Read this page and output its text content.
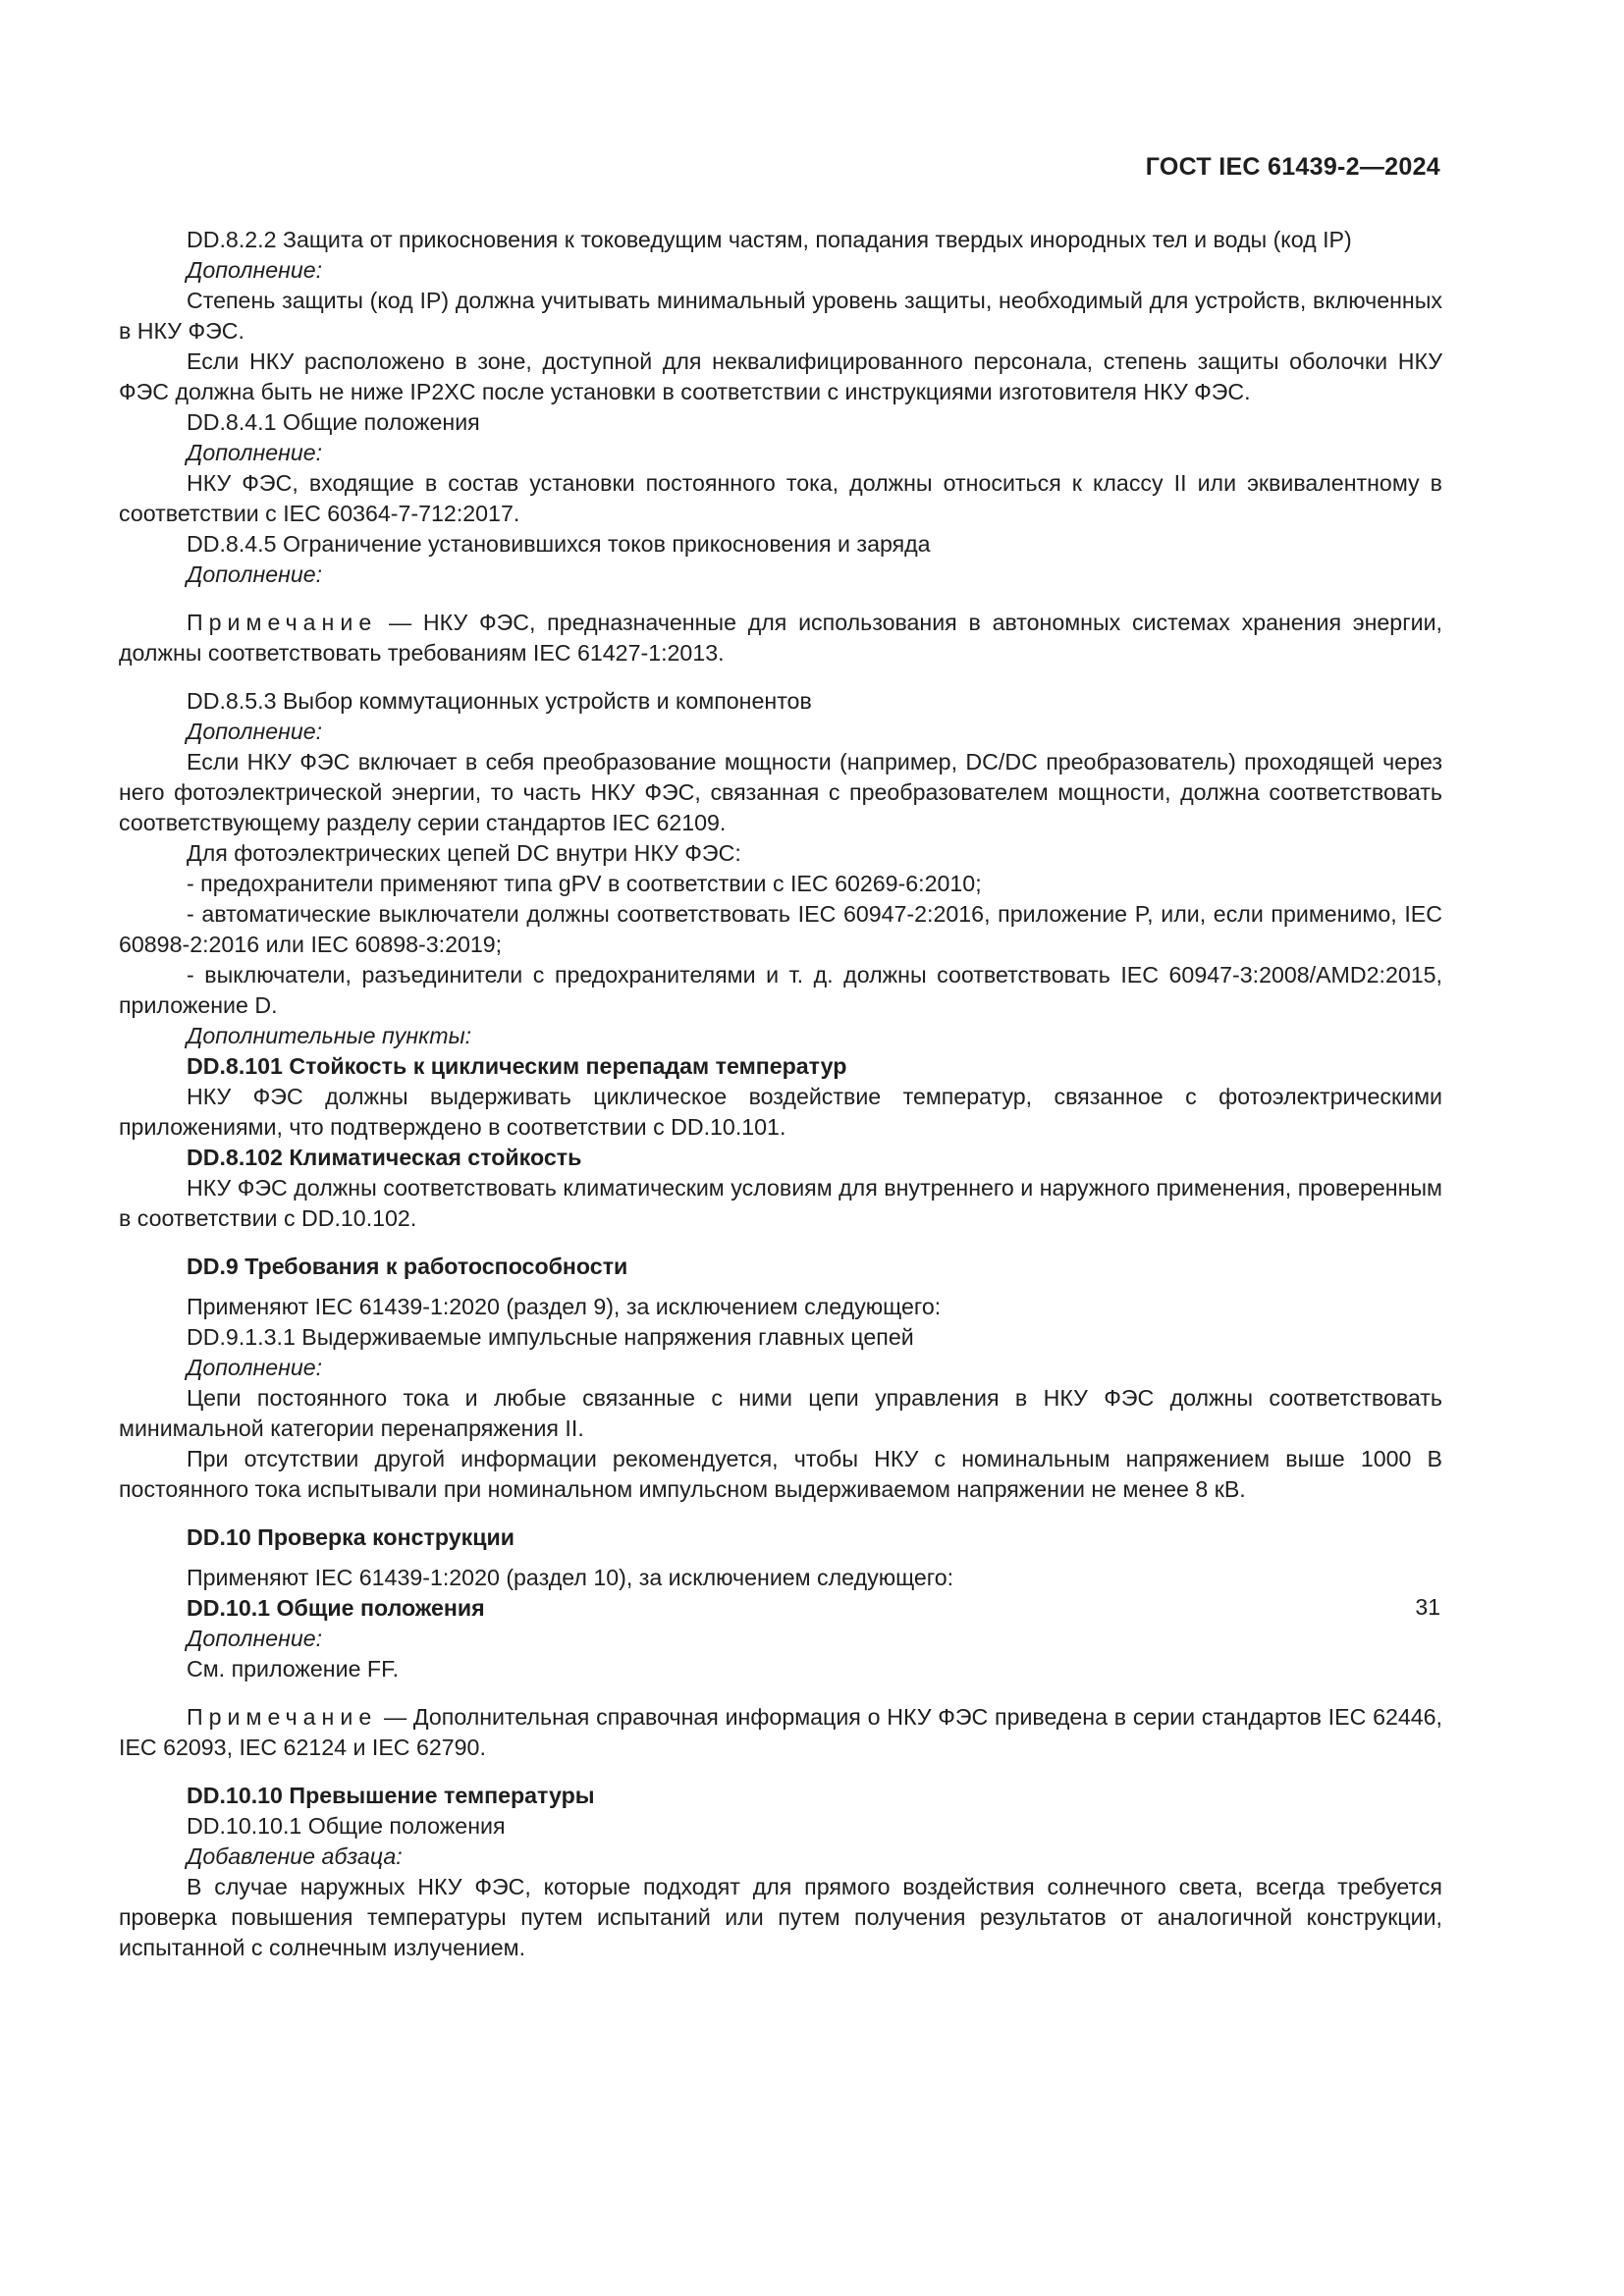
ГОСТ IEC 61439-2—2024

DD.8.2.2 Защита от прикосновения к токоведущим частям, попадания твердых инородных тел и воды (код IP)

Дополнение:

Степень защиты (код IP) должна учитывать минимальный уровень защиты, необходимый для устройств, включенных в НКУ ФЭС.

Если НКУ расположено в зоне, доступной для неквалифицированного персонала, степень защиты оболочки НКУ ФЭС должна быть не ниже IP2XC после установки в соответствии с инструкциями изготовителя НКУ ФЭС.

DD.8.4.1 Общие положения

Дополнение:

НКУ ФЭС, входящие в состав установки постоянного тока, должны относиться к классу II или эквивалентному в соответствии с IEC 60364-7-712:2017.

DD.8.4.5 Ограничение установившихся токов прикосновения и заряда

Дополнение:

Примечание — НКУ ФЭС, предназначенные для использования в автономных системах хранения энергии, должны соответствовать требованиям IEC 61427-1:2013.

DD.8.5.3 Выбор коммутационных устройств и компонентов

Дополнение:

Если НКУ ФЭС включает в себя преобразование мощности (например, DC/DC преобразователь) проходящей через него фотоэлектрической энергии, то часть НКУ ФЭС, связанная с преобразователем мощности, должна соответствовать соответствующему разделу серии стандартов IEC 62109.

Для фотоэлектрических цепей DC внутри НКУ ФЭС:

- предохранители применяют типа gPV в соответствии с IEC 60269-6:2010;

- автоматические выключатели должны соответствовать IEC 60947-2:2016, приложение P, или, если применимо, IEC 60898-2:2016 или IEC 60898-3:2019;

- выключатели, разъединители с предохранителями и т. д. должны соответствовать IEC 60947-3:2008/AMD2:2015, приложение D.

Дополнительные пункты:

DD.8.101 Стойкость к циклическим перепадам температур

НКУ ФЭС должны выдерживать циклическое воздействие температур, связанное с фотоэлектрическими приложениями, что подтверждено в соответствии с DD.10.101.

DD.8.102 Климатическая стойкость

НКУ ФЭС должны соответствовать климатическим условиям для внутреннего и наружного применения, проверенным в соответствии с DD.10.102.

DD.9 Требования к работоспособности

Применяют IEC 61439-1:2020 (раздел 9), за исключением следующего:

DD.9.1.3.1 Выдерживаемые импульсные напряжения главных цепей

Дополнение:

Цепи постоянного тока и любые связанные с ними цепи управления в НКУ ФЭС должны соответствовать минимальной категории перенапряжения II.

При отсутствии другой информации рекомендуется, чтобы НКУ с номинальным напряжением выше 1000 В постоянного тока испытывали при номинальном импульсном выдерживаемом напряжении не менее 8 кВ.

DD.10 Проверка конструкции

Применяют IEC 61439-1:2020 (раздел 10), за исключением следующего:

DD.10.1 Общие положения

Дополнение:

См. приложение FF.

Примечание — Дополнительная справочная информация о НКУ ФЭС приведена в серии стандартов IEC 62446, IEC 62093, IEC 62124 и IEC 62790.

DD.10.10 Превышение температуры

DD.10.10.1 Общие положения

Добавление абзаца:

В случае наружных НКУ ФЭС, которые подходят для прямого воздействия солнечного света, всегда требуется проверка повышения температуры путем испытаний или путем получения результатов от аналогичной конструкции, испытанной с солнечным излучением.

31
